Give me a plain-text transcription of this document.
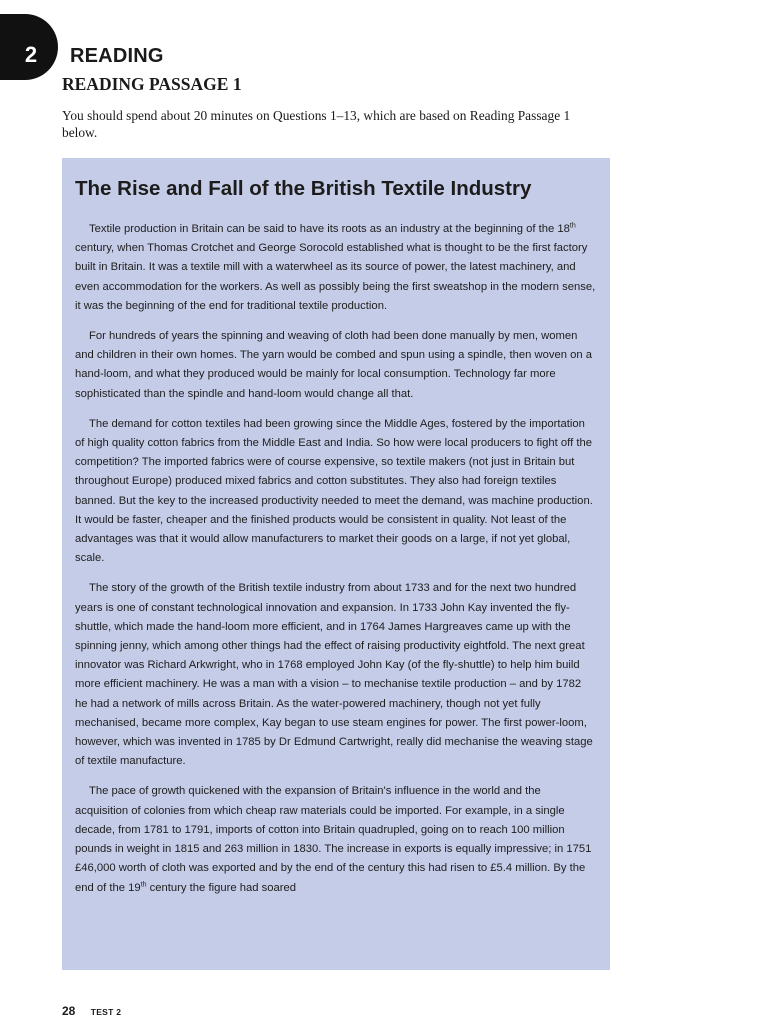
2 READING
READING PASSAGE 1
You should spend about 20 minutes on Questions 1–13, which are based on Reading Passage 1 below.
The Rise and Fall of the British Textile Industry

Textile production in Britain can be said to have its roots as an industry at the beginning of the 18th century, when Thomas Crotchet and George Sorocold established what is thought to be the first factory built in Britain. It was a textile mill with a waterwheel as its source of power, the latest machinery, and even accommodation for the workers. As well as possibly being the first sweatshop in the modern sense, it was the beginning of the end for traditional textile production.

For hundreds of years the spinning and weaving of cloth had been done manually by men, women and children in their own homes. The yarn would be combed and spun using a spindle, then woven on a hand-loom, and what they produced would be mainly for local consumption. Technology far more sophisticated than the spindle and hand-loom would change all that.

The demand for cotton textiles had been growing since the Middle Ages, fostered by the importation of high quality cotton fabrics from the Middle East and India. So how were local producers to fight off the competition? The imported fabrics were of course expensive, so textile makers (not just in Britain but throughout Europe) produced mixed fabrics and cotton substitutes. They also had foreign textiles banned. But the key to the increased productivity needed to meet the demand, was machine production. It would be faster, cheaper and the finished products would be consistent in quality. Not least of the advantages was that it would allow manufacturers to market their goods on a large, if not yet global, scale.

The story of the growth of the British textile industry from about 1733 and for the next two hundred years is one of constant technological innovation and expansion. In 1733 John Kay invented the fly-shuttle, which made the hand-loom more efficient, and in 1764 James Hargreaves came up with the spinning jenny, which among other things had the effect of raising productivity eightfold. The next great innovator was Richard Arkwright, who in 1768 employed John Kay (of the fly-shuttle) to help him build more efficient machinery. He was a man with a vision – to mechanise textile production – and by 1782 he had a network of mills across Britain. As the water-powered machinery, though not yet fully mechanised, became more complex, Kay began to use steam engines for power. The first power-loom, however, which was invented in 1785 by Dr Edmund Cartwright, really did mechanise the weaving stage of textile manufacture.

The pace of growth quickened with the expansion of Britain's influence in the world and the acquisition of colonies from which cheap raw materials could be imported. For example, in a single decade, from 1781 to 1791, imports of cotton into Britain quadrupled, going on to reach 100 million pounds in weight in 1815 and 263 million in 1830. The increase in exports is equally impressive; in 1751 £46,000 worth of cloth was exported and by the end of the century this had risen to £5.4 million. By the end of the 19th century the figure had soared

28 TEST 2
